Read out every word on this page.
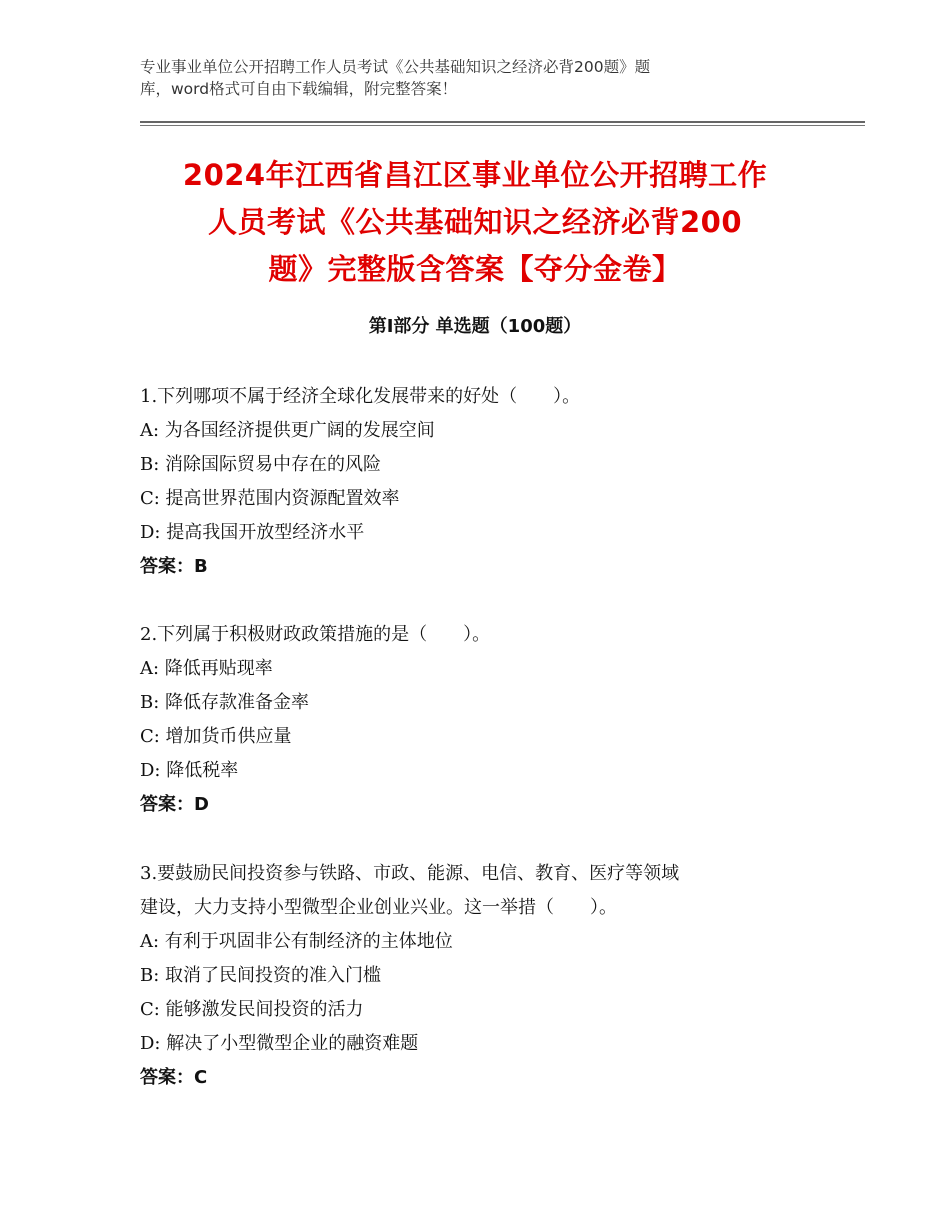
专业事业单位公开招聘工作人员考试《公共基础知识之经济必背200题》题
库，word格式可自由下载编辑，附完整答案！
2024年江西省昌江区事业单位公开招聘工作
人员考试《公共基础知识之经济必背200
题》完整版含答案【夺分金卷】
第I部分 单选题（100题）
1.下列哪项不属于经济全球化发展带来的好处（　　）。
A: 为各国经济提供更广阔的发展空间
B: 消除国际贸易中存在的风险
C: 提高世界范围内资源配置效率
D: 提高我国开放型经济水平
答案：B
2.下列属于积极财政政策措施的是（　　）。
A: 降低再贴现率
B: 降低存款准备金率
C: 增加货币供应量
D: 降低税率
答案：D
3.要鼓励民间投资参与铁路、市政、能源、电信、教育、医疗等领域
建设，大力支持小型微型企业创业兴业。这一举措（　　）。
A: 有利于巩固非公有制经济的主体地位
B: 取消了民间投资的准入门槛
C: 能够激发民间投资的活力
D: 解决了小型微型企业的融资难题
答案：C
